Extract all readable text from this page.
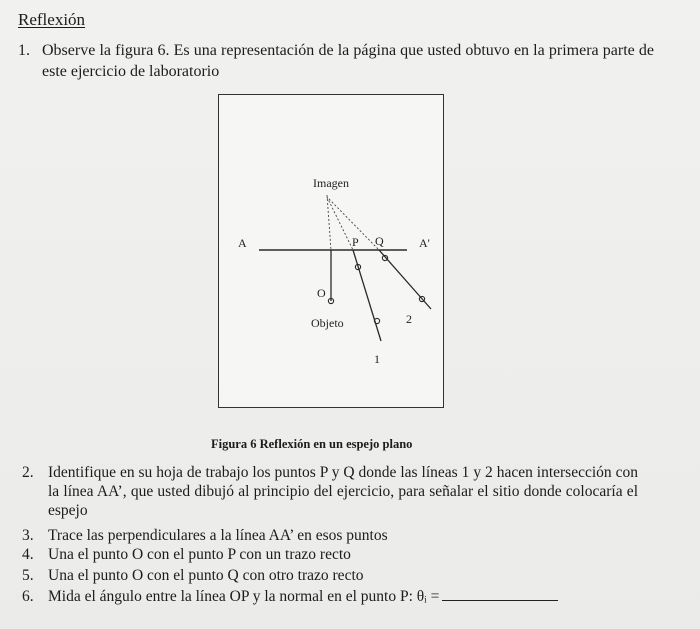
Reflexión
1. Observe la figura 6. Es una representación de la página que usted obtuvo en la primera parte de este ejercicio de laboratorio
Imagen
A	A'
P Q
O
Objeto
1
2
Figura 6 Reflexión en un espejo plano
2. Identifique en su hoja de trabajo los puntos P y Q donde las líneas 1 y 2 hacen intersección con la línea AA’, que usted dibujó al principio del ejercicio, para señalar el sitio donde colocaría el espejo
3. Trace las perpendiculares a la línea AA’ en esos puntos
4. Una el punto O con el punto P con un trazo recto
5. Una el punto O con el punto Q con otro trazo recto
6. Mida el ángulo entre la línea OP y la normal en el punto P: θᵢ =
